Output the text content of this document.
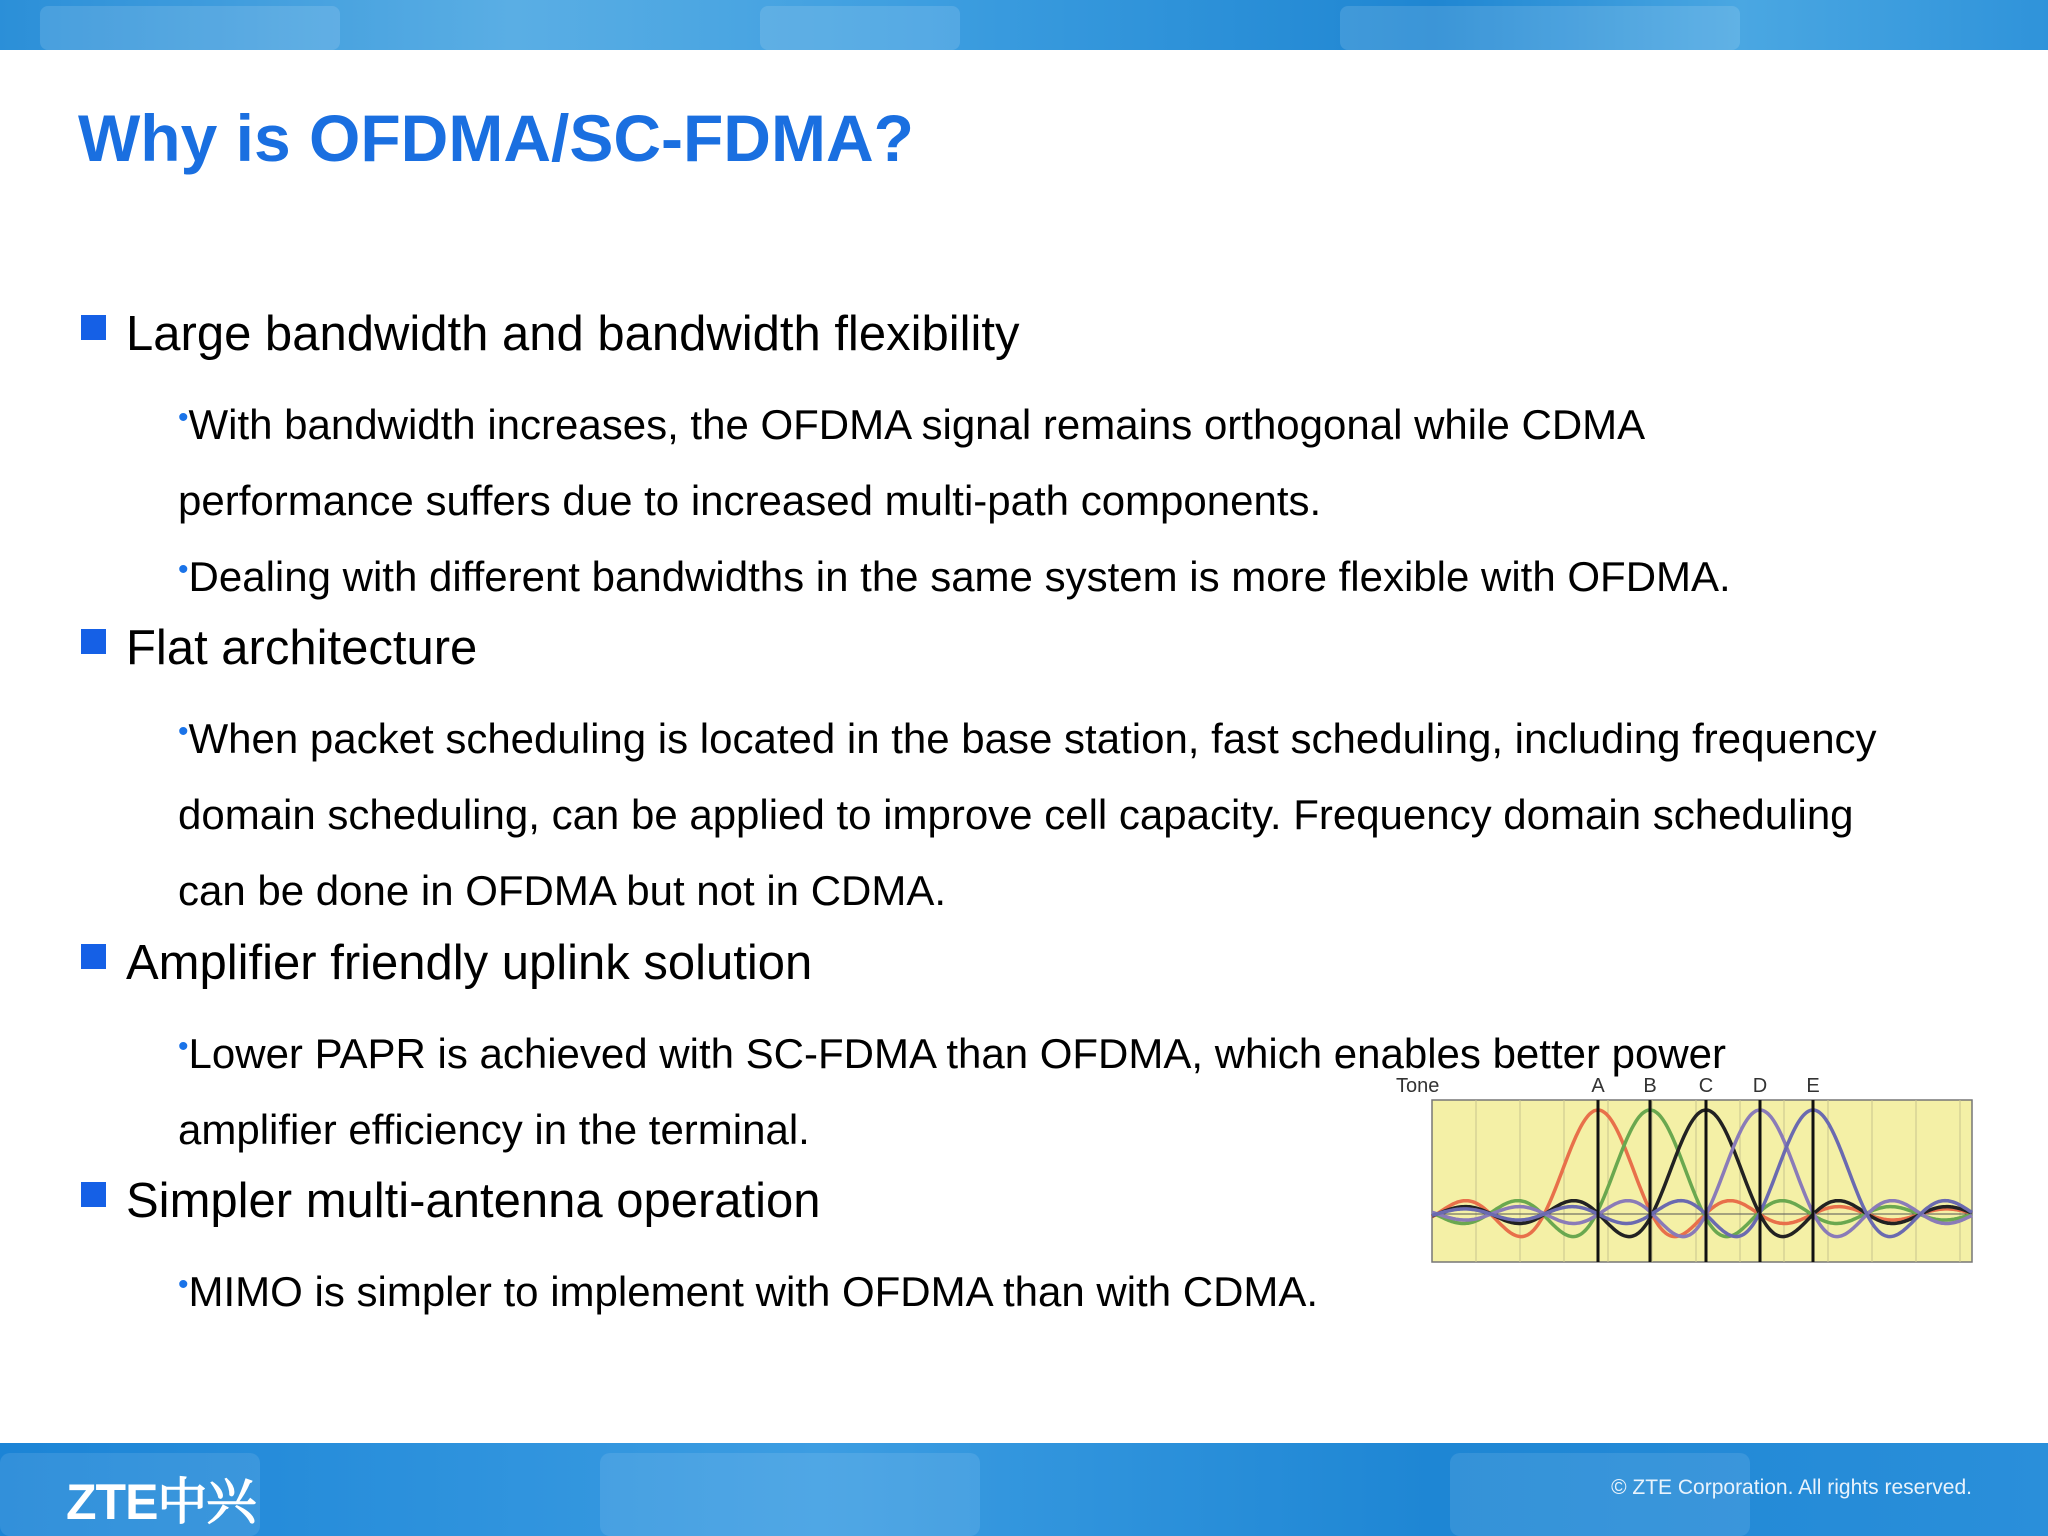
Why is OFDMA/SC-FDMA?
Large bandwidth and bandwidth flexibility
•With bandwidth increases, the OFDMA signal remains orthogonal while CDMA performance suffers due to increased multi-path components.
•Dealing with different bandwidths in the same system is more flexible with OFDMA.
Flat architecture
•When packet scheduling is located in the base station, fast scheduling, including frequency domain scheduling, can be applied to improve cell capacity. Frequency domain scheduling can be done in OFDMA but not in CDMA.
Amplifier friendly uplink solution
•Lower PAPR is achieved with SC-FDMA than OFDMA, which enables better power amplifier efficiency in the terminal.
Simpler multi-antenna operation
•MIMO is simpler to implement with OFDMA than with CDMA.
Tone	A B C D E
ZTE中兴	© ZTE Corporation. All rights reserved.
